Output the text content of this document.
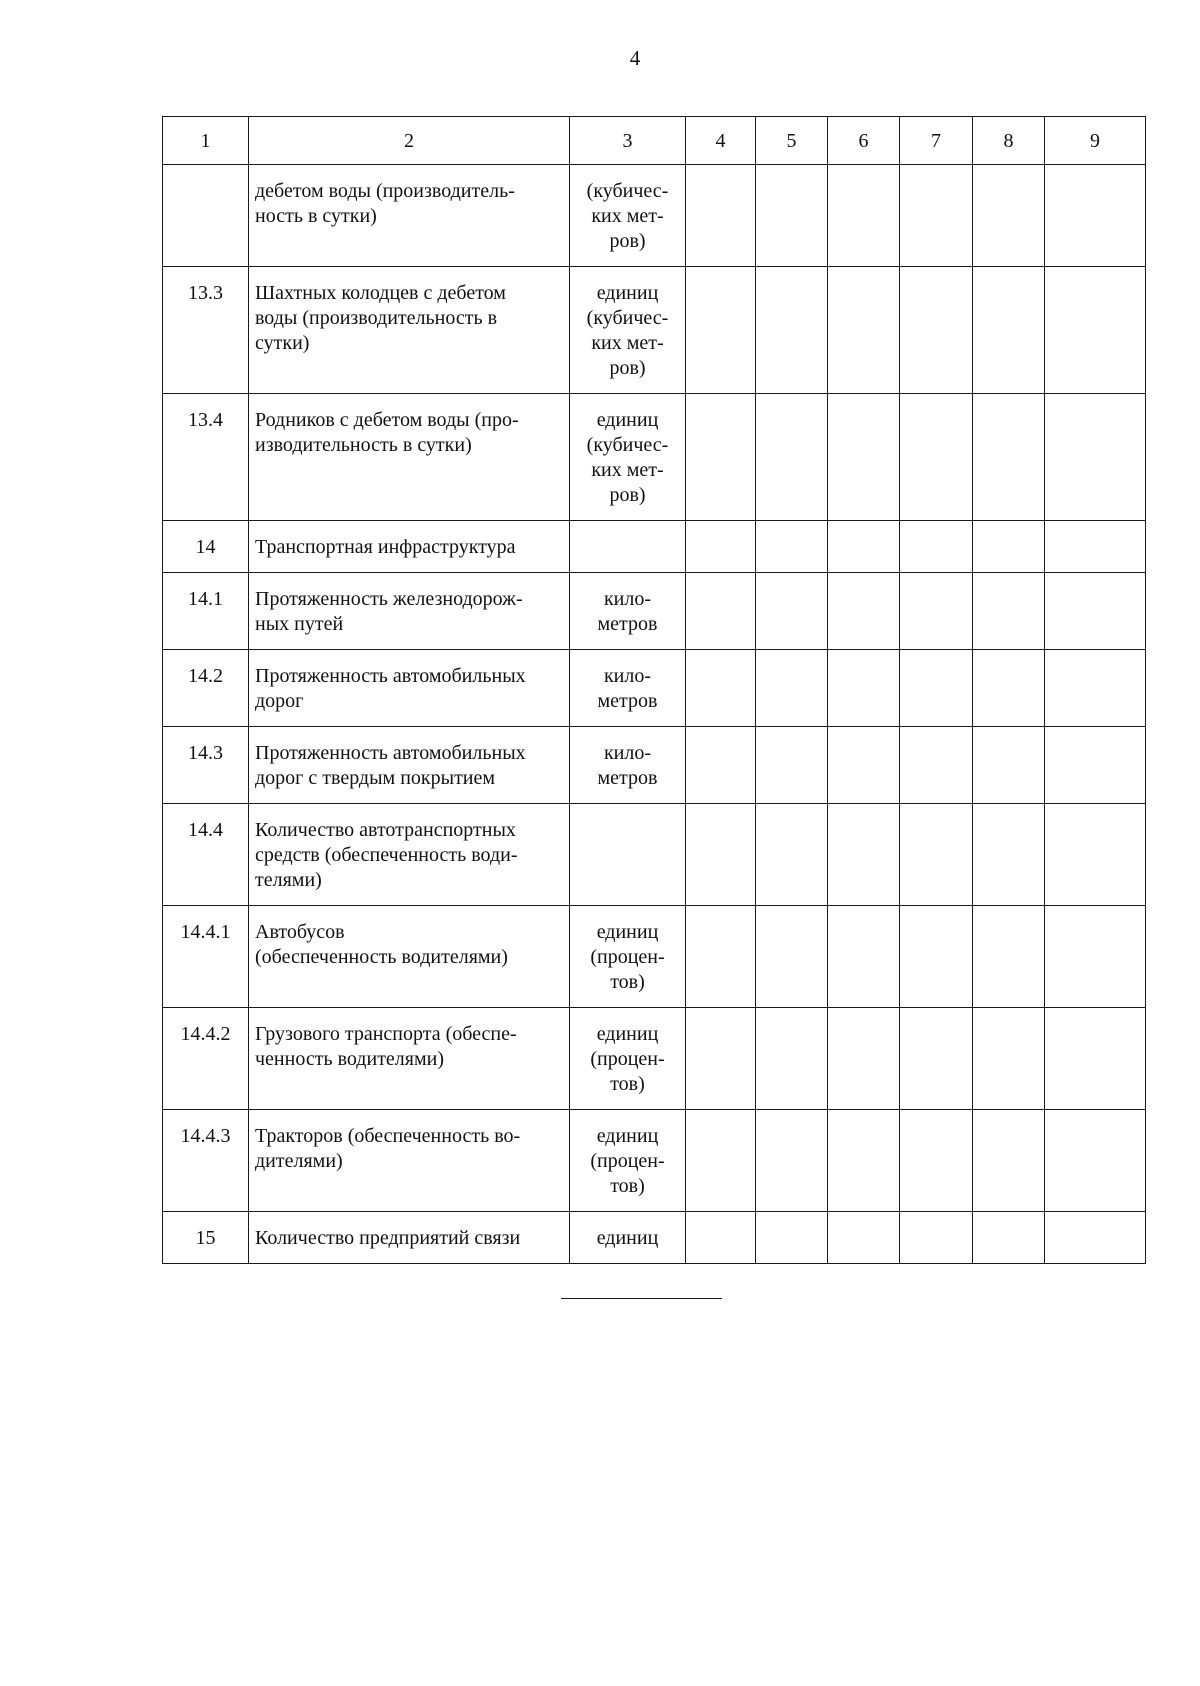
4
1	2	3	4	5	6	7	8	9

	дебетом воды (производитель-
ность в сутки)	(кубичес-
ких мет-
ров)						

13.3	Шахтных колодцев с дебетом
воды (производительность в
сутки)	единиц
(кубичес-
ких мет-
ров)						

13.4	Родников с дебетом воды (про-
изводительность в сутки)	единиц
(кубичес-
ких мет-
ров)						

14	Транспортная инфраструктура							

14.1	Протяженность железнодорож-
ных путей	кило-
метров						

14.2	Протяженность автомобильных
дорог	кило-
метров						

14.3	Протяженность автомобильных
дорог с твердым покрытием	кило-
метров						

14.4	Количество автотранспортных
средств (обеспеченность води-
телями)							

14.4.1	Автобусов
(обеспеченность водителями)	единиц
(процен-
тов)						

14.4.2	Грузового транспорта (обеспе-
ченность водителями)	единиц
(процен-
тов)						

14.4.3	Тракторов (обеспеченность во-
дителями)	единиц
(процен-
тов)						

15	Количество предприятий связи	единиц						
